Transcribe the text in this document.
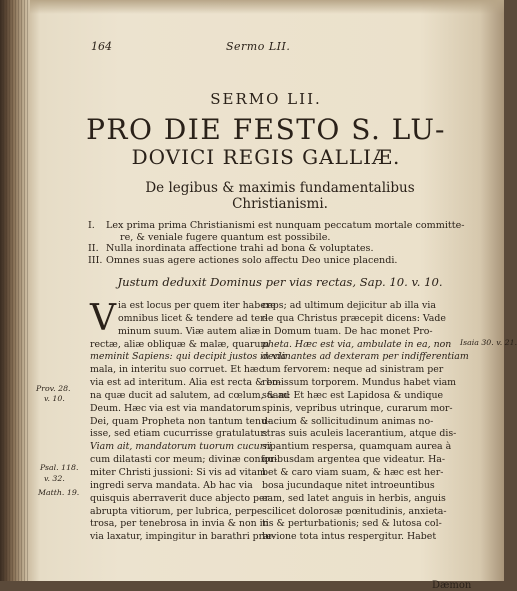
164	Sermo LII.
SERMO LII.
PRO DIE FESTO S. LU-
DOVICI REGIS GALLIÆ.
De legibus & maximis fundamentalibus Christianismi.
I. Lex prima prima Christianismi est nunquam peccatum mortale committe-
re, & veniale fugere quantum est possibile.
II. Nulla inordinata affectione trahi ad bona & voluptates.
III. Omnes suas agere actiones solo affectu Deo unice placendi.
Justum deduxit Dominus per vias rectas, Sap. 10. v. 10.
Prov. 28.
v. 10.
Psal. 118.
v. 32.
Matth. 19.
V ia est locus per quem iter habere
omnibus licet & tendere ad ter-
minum suum. Viæ autem aliæ
rectæ, aliæ obliquæ & malæ, quarum
meminit Sapiens: qui decipit justos in via
mala, in interitu suo corruet. Et hæc
via est ad interitum. Alia est recta & bo-
na quæ ducit ad salutem, ad cœlum, & ad
Deum. Hæc via est via mandatorum
Dei, quam Propheta non tantum tenu-
isse, sed etiam cucurrisse gratulatur:
Viam ait, mandatorum tuorum cucurri
cum dilatasti cor meum; divinæ confor-
miter Christi jussioni: Si vis ad vitam
ingredi serva mandata. Ab hac via
quisquis aberraverit duce abjecto per
abrupta vitiorum, per lubrica, perpe-
trosa, per tenebrosa in invia & non in
via laxatur, impingitur in barathri præ-
ceps; ad ultimum dejicitur ab illa via
de qua Christus præcepit dicens: Vade
in Domum tuam. De hac monet Pro-
pheta. Hæc est via, ambulate in ea, non
declinantes ad dexteram per indifferentiam
tum fervorem: neque ad sinistram per
remissum torporem. Mundus habet viam
suam: Et hæc est Lapidosa & undique
spinis, vepribus utrinque, curarum mor-
dacium & sollicitudinum animas no-
stras suis aculeis lacerantium, atque dis-
sipantium respersa, quamquam aurea à
quibusdam argentea que videatur. Ha-
bet & caro viam suam, & hæc est her-
bosa jucundaque nitet introeuntibus
eam, sed latet anguis in herbis, anguis
scilicet dolorosæ pœnitudinis, anxieta-
tis & perturbationis; sed & lutosa col-
luvione tota intus respergitur. Habet
Isaia 30. v. 21.
Dæmon
